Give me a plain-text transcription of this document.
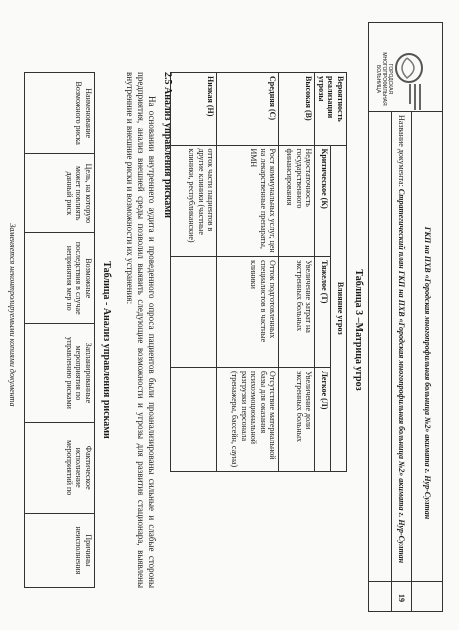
ГКП на ПХВ «Городская многопрофильная больница №2» акимата г. Нур-Султан
Название документа: Стратегический план ГКП на ПХВ «Городская многопрофильная больница №2» акимата г. Нур-Султан
19
ГОРОДСКАЯ МНОГОПРОФИЛЬНАЯ БОЛЬНИЦА
Таблица 3 –Матрица угроз
Вероятность реализации угрозы	Влияние угроз		
	Критическое (К)	Тяжелое (Т)	Легкое (Л)
Высокая (В)	Недостаточность государственного финансирования	Увеличение затрат на экстренных больных	Увеличение доли экстренных больных
Средняя (С)	Рост коммунальных услуг, цен на лекарственные препараты, ИМН	Отток подготовленных специалистов в частные клиники	Отсутствие материальной базы для оказания психоэмоциональной разгрузки персонала (тренажеры, бассейн, сауна)
Низкая (Н)	отток части пациентов в другие клиники (частные клиники, республиканские)		
2.5 Анализ управления рисками
На основании внутреннего аудита и проведенного опроса пациентов были проанализированы сильные и слабые стороны предприятия, анализ внешней среды позволил выявить следующие возможности и угрозы для развития стационара, выявлены внутренние и внешние риски и возможности их устранения:
Таблица - Анализ управления рисками
Наименование Возможного риска	Цель, на которую может повлиять данный риск	Возможные последствия в случае непринятия мер по	Запланированные мероприятия по управлению рисками	Фактическое исполнение мероприятий по	Причины неисполнения
Заменяется неконтролируемыми копиями документа
